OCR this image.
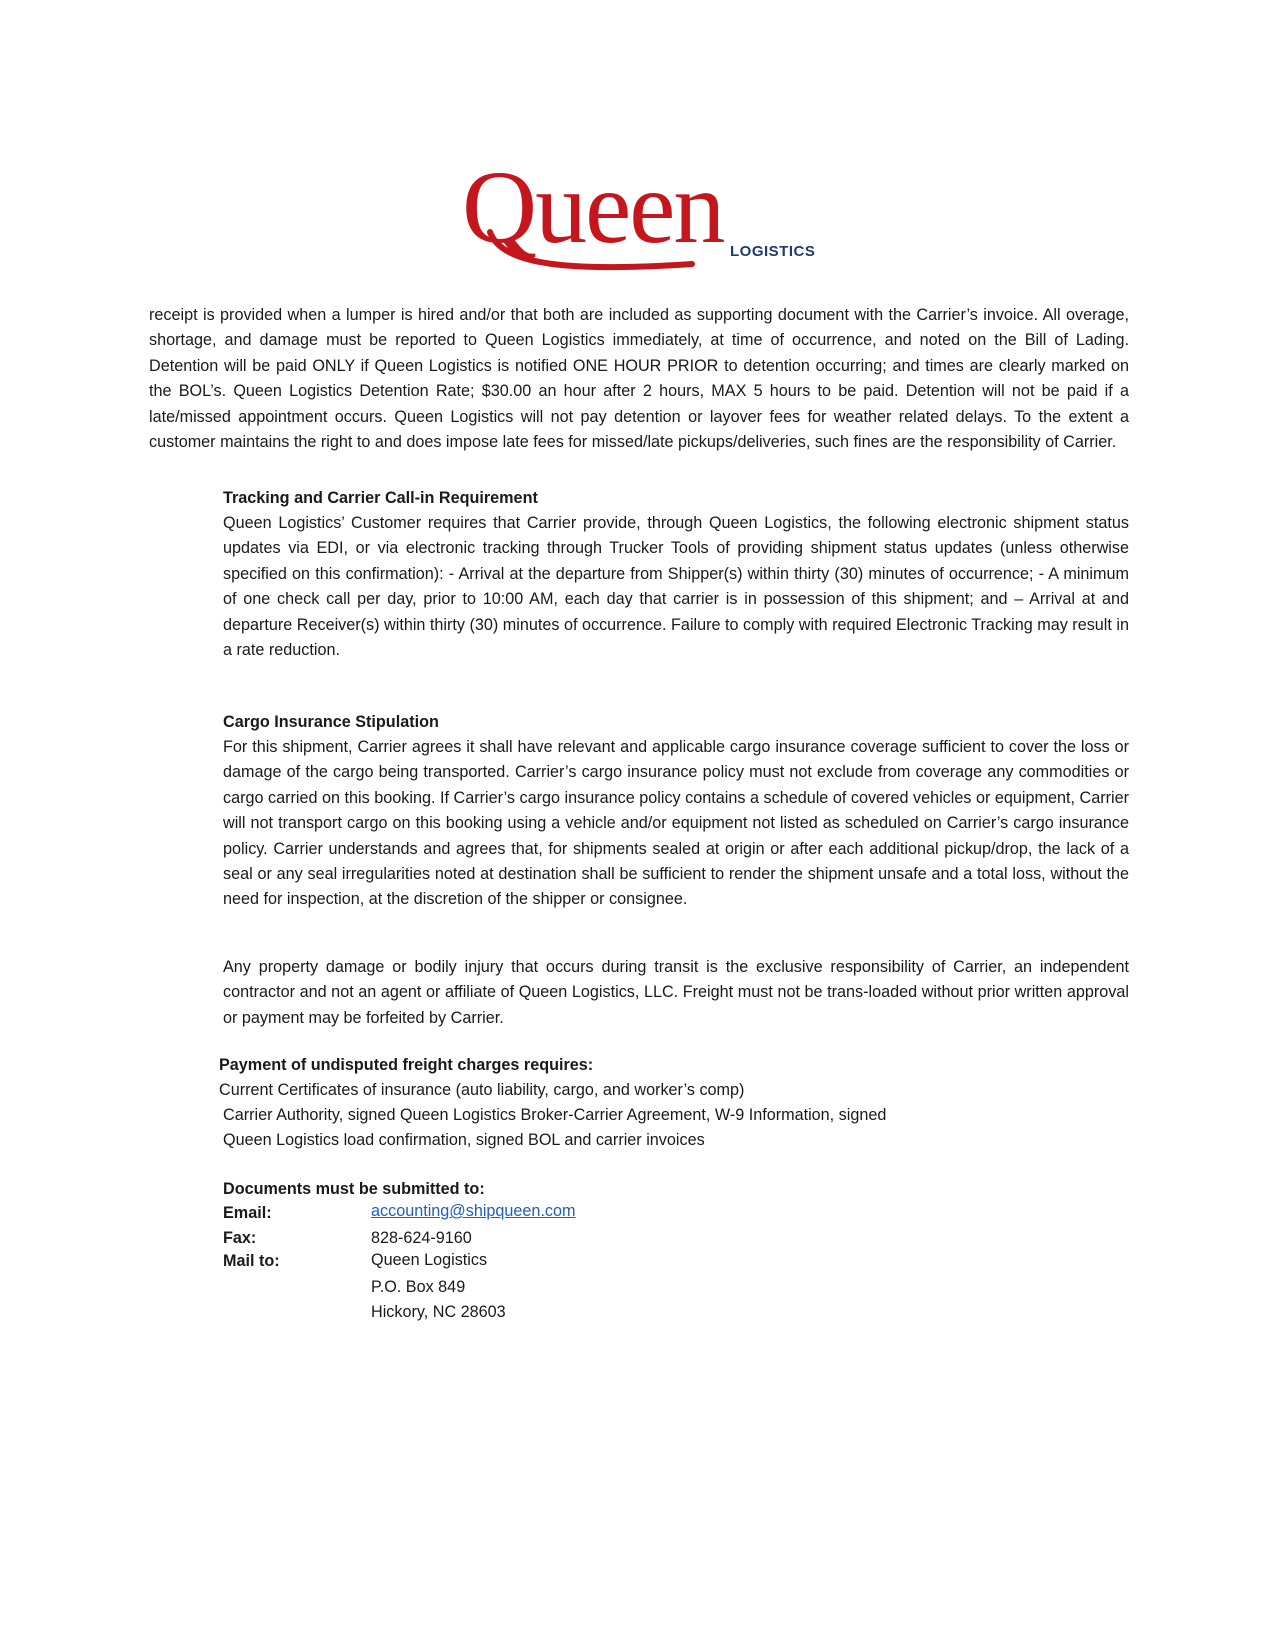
Queen LOGISTICS

receipt is provided when a lumper is hired and/or that both are included as supporting document with the Carrier’s invoice. All overage, shortage, and damage must be reported to Queen Logistics immediately, at time of occurrence, and noted on the Bill of Lading. Detention will be paid ONLY if Queen Logistics is notified ONE HOUR PRIOR to detention occurring; and times are clearly marked on the BOL’s. Queen Logistics Detention Rate; $30.00 an hour after 2 hours, MAX 5 hours to be paid. Detention will not be paid if a late/missed appointment occurs. Queen Logistics will not pay detention or layover fees for weather related delays. To the extent a customer maintains the right to and does impose late fees for missed/late pickups/deliveries, such fines are the responsibility of Carrier.

Tracking and Carrier Call-in Requirement

Queen Logistics’ Customer requires that Carrier provide, through Queen Logistics, the following electronic shipment status updates via EDI, or via electronic tracking through Trucker Tools of providing shipment status updates (unless otherwise specified on this confirmation): - Arrival at the departure from Shipper(s) within thirty (30) minutes of occurrence; - A minimum of one check call per day, prior to 10:00 AM, each day that carrier is in possession of this shipment; and – Arrival at and departure Receiver(s) within thirty (30) minutes of occurrence. Failure to comply with required Electronic Tracking may result in a rate reduction.

Cargo Insurance Stipulation

For this shipment, Carrier agrees it shall have relevant and applicable cargo insurance coverage sufficient to cover the loss or damage of the cargo being transported. Carrier’s cargo insurance policy must not exclude from coverage any commodities or cargo carried on this booking. If Carrier’s cargo insurance policy contains a schedule of covered vehicles or equipment, Carrier will not transport cargo on this booking using a vehicle and/or equipment not listed as scheduled on Carrier’s cargo insurance policy. Carrier understands and agrees that, for shipments sealed at origin or after each additional pickup/drop, the lack of a seal or any seal irregularities noted at destination shall be sufficient to render the shipment unsafe and a total loss, without the need for inspection, at the discretion of the shipper or consignee.

Any property damage or bodily injury that occurs during transit is the exclusive responsibility of Carrier, an independent contractor and not an agent or affiliate of Queen Logistics, LLC. Freight must not be trans-loaded without prior written approval or payment may be forfeited by Carrier.

Payment of undisputed freight charges requires:
Current Certificates of insurance (auto liability, cargo, and worker’s comp)
Carrier Authority, signed Queen Logistics Broker-Carrier Agreement, W-9 Information, signed
Queen Logistics load confirmation, signed BOL and carrier invoices
Documents must be submitted to:
Email:	accounting@shipqueen.com
Fax:	828-624-9160
Mail to:	Queen Logistics
P.O. Box 849
Hickory, NC 28603
